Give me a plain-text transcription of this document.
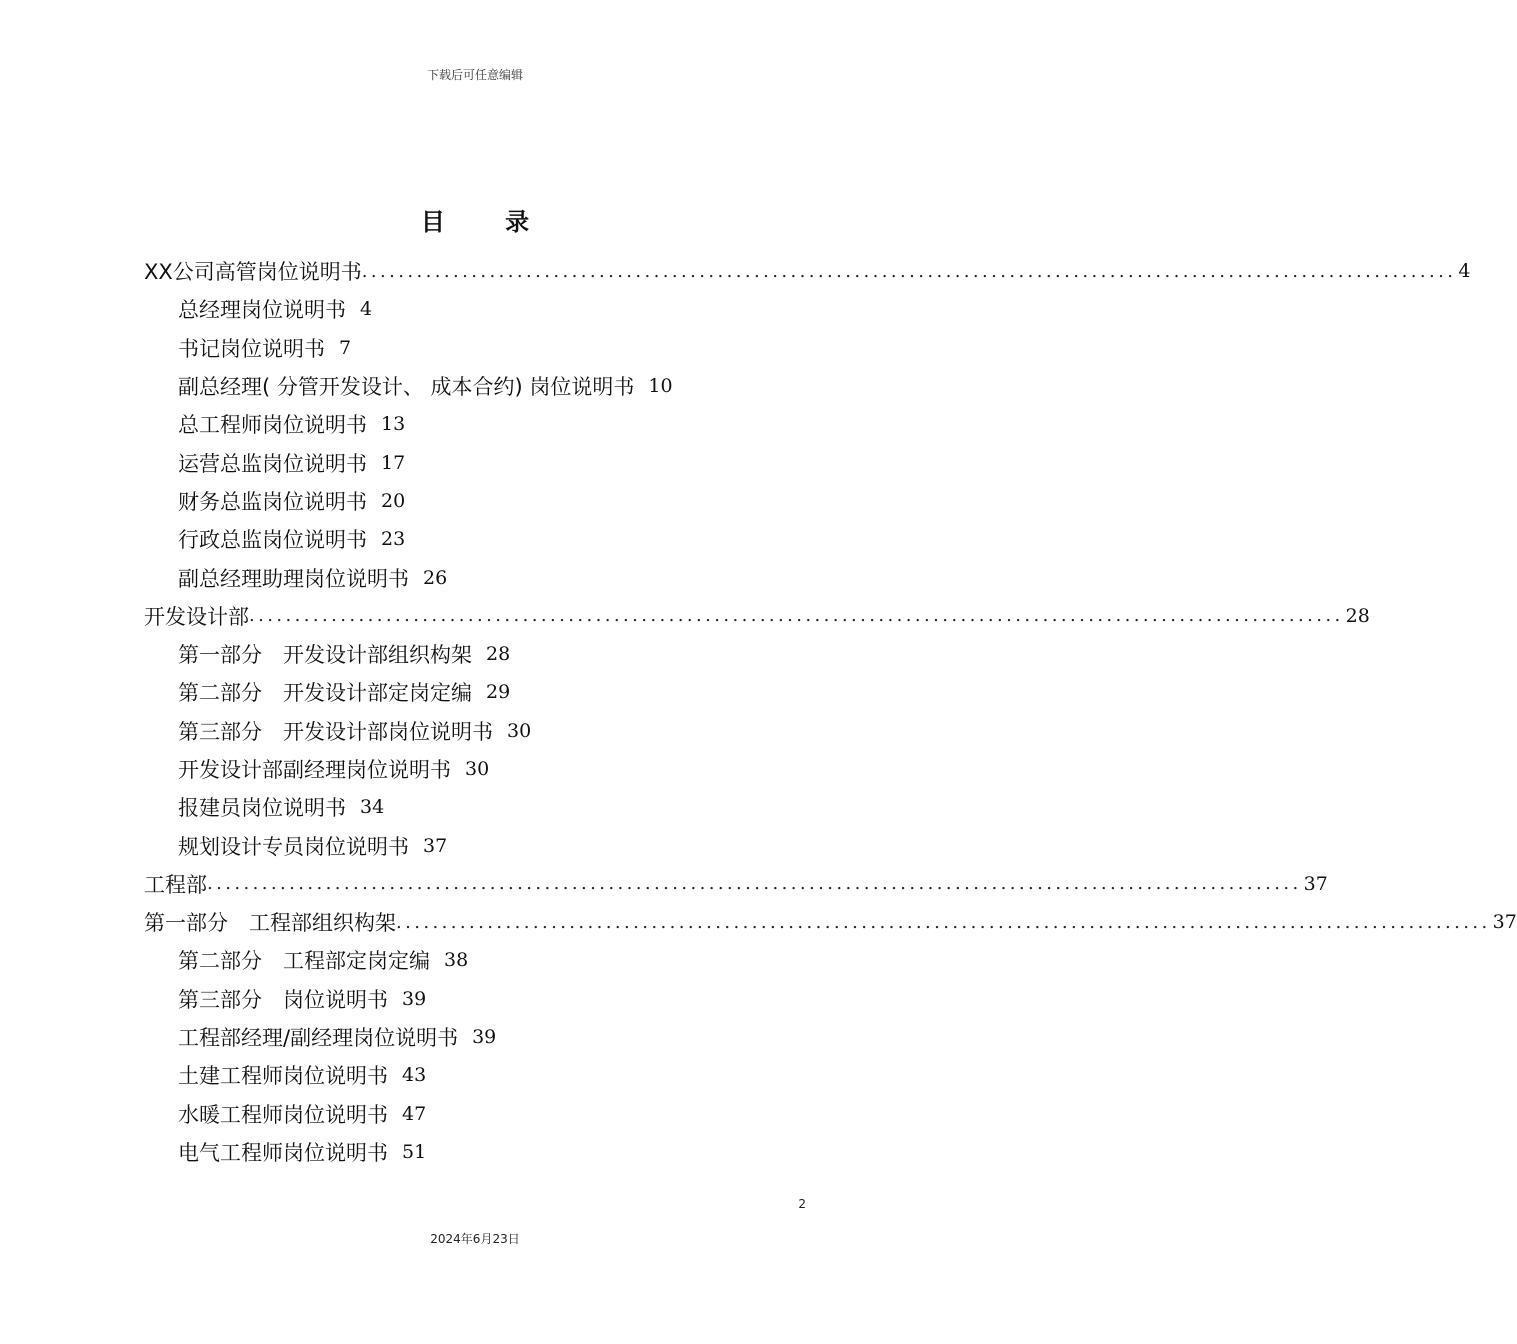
下载后可任意编辑
目 录
XX公司高管岗位说明书 ........................................................................................................................ 4
总经理岗位说明书 4
书记岗位说明书 7
副总经理( 分管开发设计、 成本合约) 岗位说明书 10
总工程师岗位说明书 13
运营总监岗位说明书 17
财务总监岗位说明书 20
行政总监岗位说明书 23
副总经理助理岗位说明书 26
开发设计部 ........................................................................................................................ 28
第一部分　开发设计部组织构架 28
第二部分　开发设计部定岗定编 29
第三部分　开发设计部岗位说明书 30
开发设计部副经理岗位说明书 30
报建员岗位说明书 34
规划设计专员岗位说明书 37
工程部 ........................................................................................................................ 37
第一部分　工程部组织构架 ........................................................................................................................ 37
第二部分　工程部定岗定编 38
第三部分　岗位说明书 39
工程部经理/副经理岗位说明书 39
土建工程师岗位说明书 43
水暖工程师岗位说明书 47
电气工程师岗位说明书 51
2
2024年6月23日
